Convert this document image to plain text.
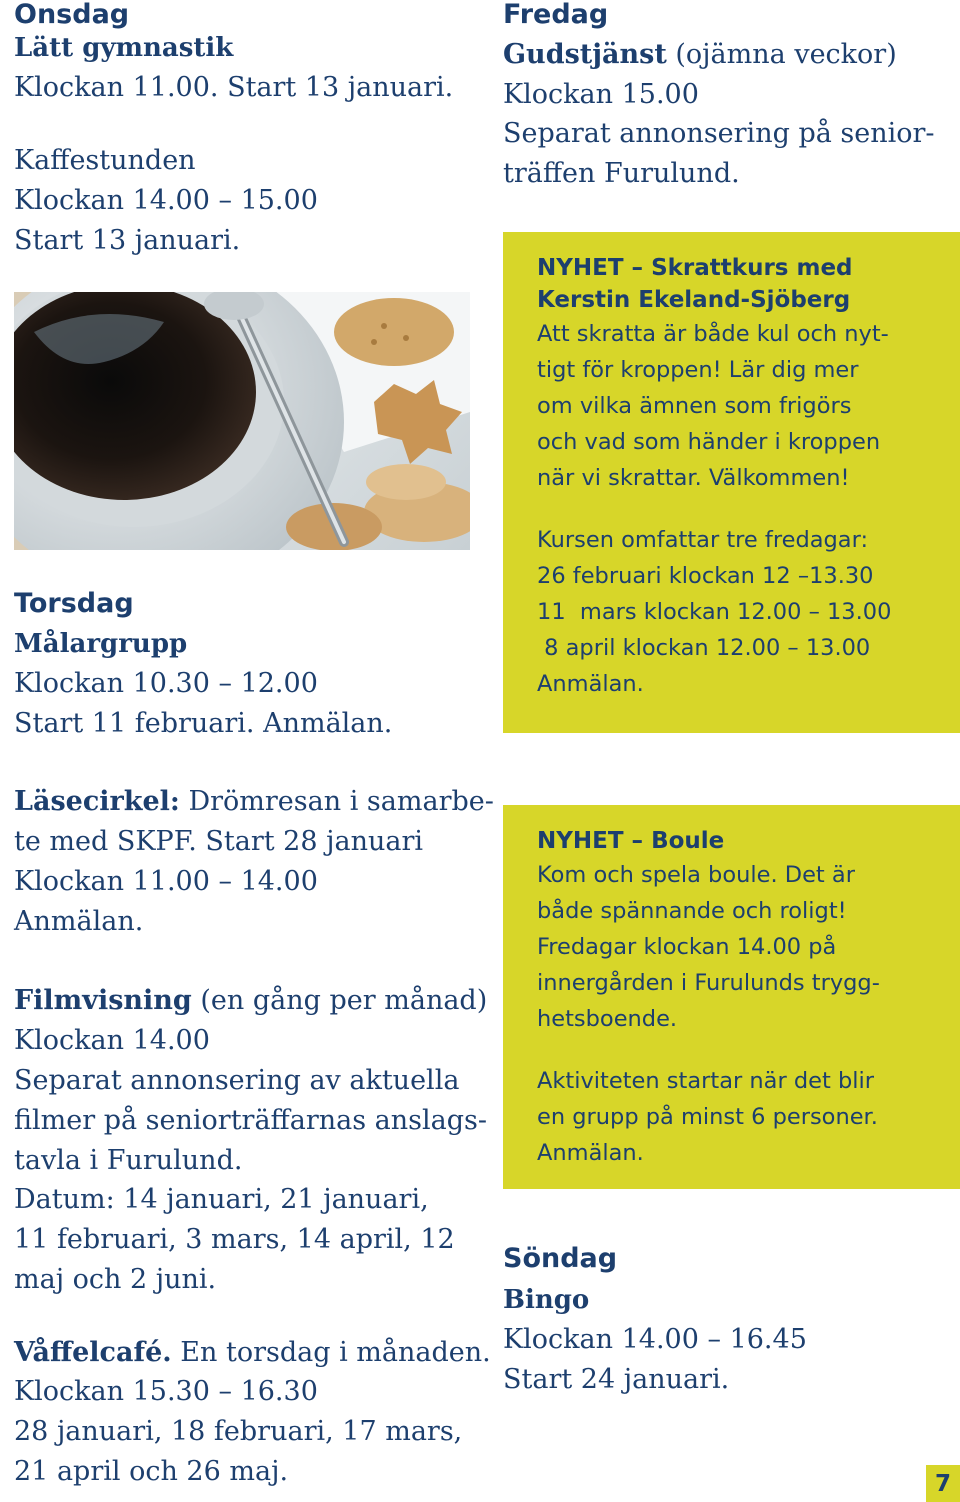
Onsdag
Lätt gymnastik
Klockan 11.00. Start 13 januari.
Kaffestunden
Klockan 14.00 – 15.00
Start 13 januari.
Torsdag
Målargrupp
Klockan 10.30 – 12.00
Start 11 februari. Anmälan.
Läsecirkel: Drömresan i samarbe-
te med SKPF. Start 28 januari
Klockan 11.00 – 14.00
Anmälan.
Filmvisning (en gång per månad)
Klockan 14.00
Separat annonsering av aktuella
filmer på seniorträffarnas anslags-
tavla i Furulund.
Datum: 14 januari, 21 januari,
11 februari, 3 mars, 14 april, 12
maj och 2 juni.
Våffelcafé. En torsdag i månaden.
Klockan 15.30 – 16.30
28 januari, 18 februari, 17 mars,
21 april och 26 maj.
Fredag
Gudstjänst (ojämna veckor)
Klockan 15.00
Separat annonsering på senior-
träffen Furulund.
NYHET – Skrattkurs med
Kerstin Ekeland-Sjöberg
Att skratta är både kul och nyt-
tigt för kroppen! Lär dig mer
om vilka ämnen som frigörs
och vad som händer i kroppen
när vi skrattar. Välkommen!
Kursen omfattar tre fredagar:
26 februari klockan 12 –13.30
11  mars klockan 12.00 – 13.00
8 april klockan 12.00 – 13.00
Anmälan.
NYHET – Boule
Kom och spela boule. Det är
både spännande och roligt!
Fredagar klockan 14.00 på
innergården i Furulunds trygg-
hetsboende.
Aktiviteten startar när det blir
en grupp på minst 6 personer.
Anmälan.
Söndag
Bingo
Klockan 14.00 – 16.45
Start 24 januari.
7
